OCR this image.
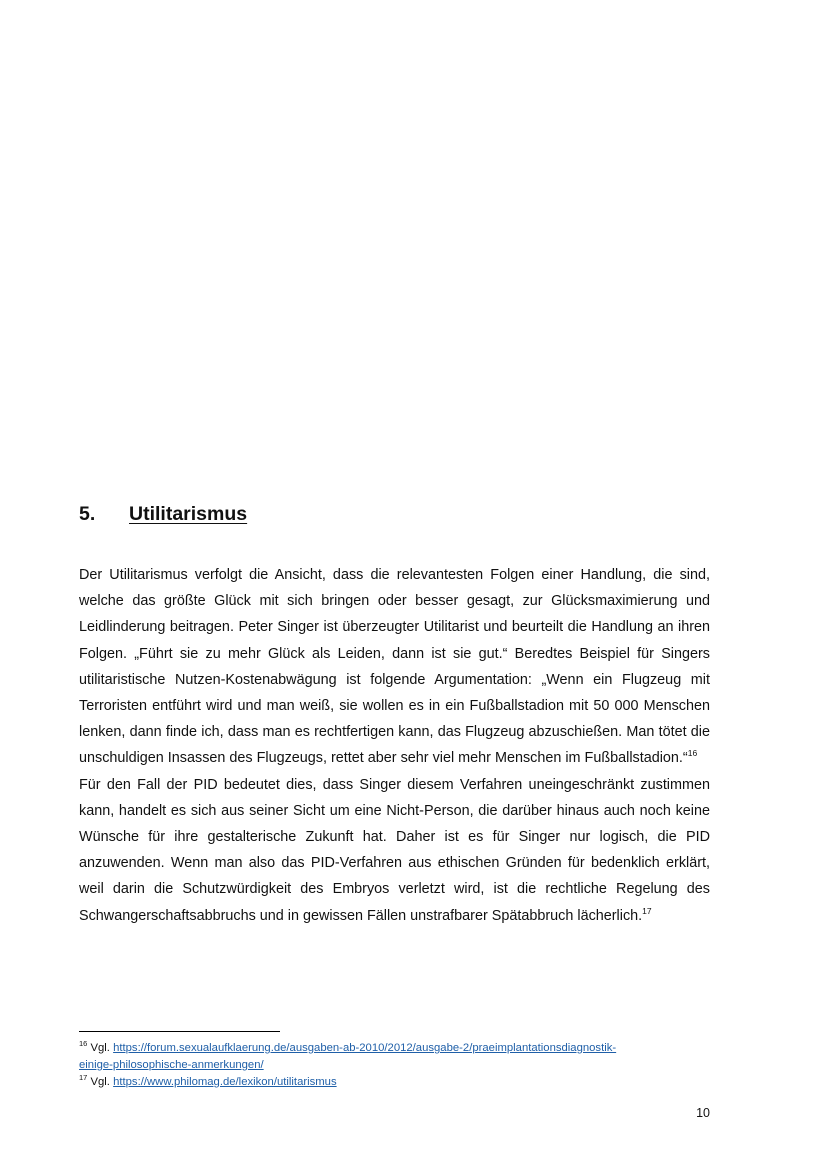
5. Utilitarismus

Der Utilitarismus verfolgt die Ansicht, dass die relevantesten Folgen einer Handlung, die sind, welche das größte Glück mit sich bringen oder besser gesagt, zur Glücksmaximierung und Leidlinderung beitragen. Peter Singer ist überzeugter Utilitarist und beurteilt die Handlung an ihren Folgen. „Führt sie zu mehr Glück als Leiden, dann ist sie gut.“ Beredtes Beispiel für Singers utilitaristische Nutzen-Kostenabwägung ist folgende Argumentation: „Wenn ein Flugzeug mit Terroristen entführt wird und man weiß, sie wollen es in ein Fußballstadion mit 50 000 Menschen lenken, dann finde ich, dass man es rechtfertigen kann, das Flugzeug abzuschießen. Man tötet die unschuldigen Insassen des Flugzeugs, rettet aber sehr viel mehr Menschen im Fußballstadion.“$^{16}$

Für den Fall der PID bedeutet dies, dass Singer diesem Verfahren uneingeschränkt zustimmen kann, handelt es sich aus seiner Sicht um eine Nicht-Person, die darüber hinaus auch noch keine Wünsche für ihre gestalterische Zukunft hat. Daher ist es für Singer nur logisch, die PID anzuwenden. Wenn man also das PID-Verfahren aus ethischen Gründen für bedenklich erklärt, weil darin die Schutzwürdigkeit des Embryos verletzt wird, ist die rechtliche Regelung des Schwangerschaftsabbruchs und in gewissen Fällen unstrafbarer Spätabbruch lächerlich.$^{17}$

$^{16}$ Vgl. https://forum.sexualaufklaerung.de/ausgaben-ab-2010/2012/ausgabe-2/praeimplantationsdiagnostik-
einige-philosophische-anmerkungen/

$^{17}$ Vgl. https://www.philomag.de/lexikon/utilitarismus

10
